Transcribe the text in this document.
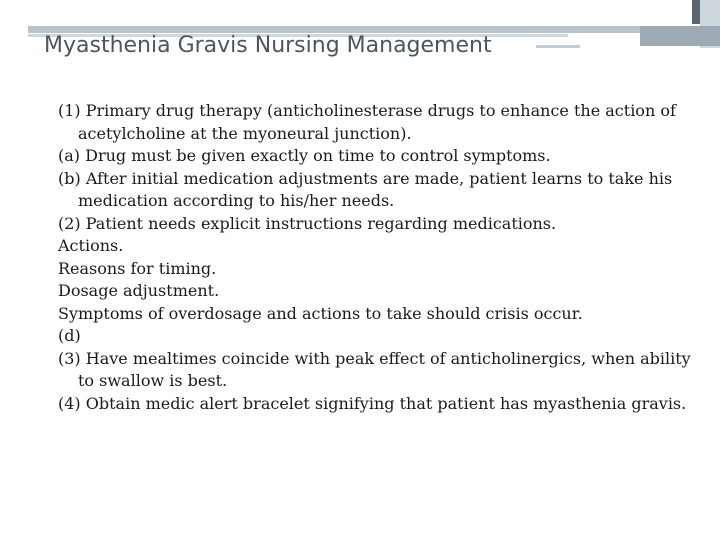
Myasthenia Gravis Nursing Management

(1) Primary drug therapy (anticholinesterase drugs to enhance the action of acetylcholine at the myoneural junction).

(a) Drug must be given exactly on time to control symptoms.

(b) After initial medication adjustments are made, patient learns to take his medication according to his/her needs.

(2) Patient needs explicit instructions regarding medications.

Actions.

Reasons for timing.

Dosage adjustment.

Symptoms of overdosage and actions to take should crisis occur.

(d)

(3) Have mealtimes coincide with peak effect of anticholinergics, when ability to swallow is best.

(4) Obtain medic alert bracelet signifying that patient has myasthenia gravis.
